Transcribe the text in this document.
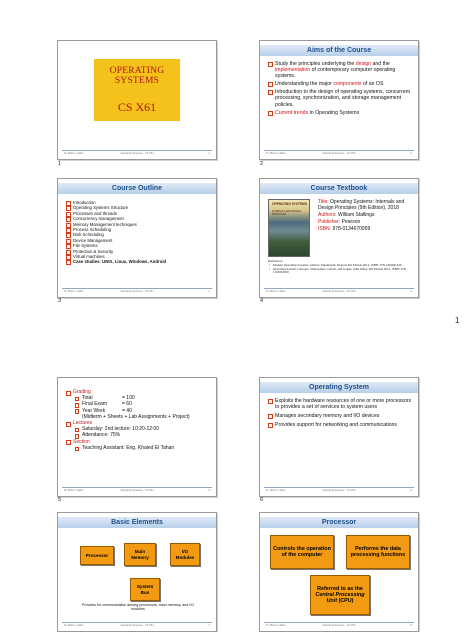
OPERATING SYSTEMS
CS X61
Dr. Mohm. Hafez	Operating Systems - CS X61	1
1
Aims of the Course
Study the principles underlying the design and the implementation of contemporary computer operating systems.
Understanding the major components of an OS
Introduction to the design of operating systems, concurrent processing, synchronization, and storage management policies.
Current trends in Operating Systems
Dr. Mohm. Hafez	Operating Systems - CS X61	2
2
Course Outline
Introduction
Operating Systems Structure
Processes and threads
Concurrency management
Memory Management techniques
Process Scheduling
Disk Scheduling
Device Management
File Systems
Protection & Security
Virtual machines
Case studies: UNIX, Linux, Windows, Android
Dr. Mohm. Hafez	Operating Systems - CS X61	3
3
Course Textbook
OPERATING SYSTEMS
INTERNALS AND DESIGN PRINCIPLES
Title: Operating Systems: Internals and Design Principles (9th Edition), 2018
Authors: William Stallings
Publisher: Pearson
ISBN: 978-0134670959
References:
• Modern Operating Systems, Andrew Tanenbaum, Pearson 4th Edition 2014, ISBN: 978-1292061429
• Operating System Concepts, Silberschatz, Galvin, and Gagne, John Wiley, 9th Edition 2012, ISBN: 978-1118063330
Dr. Mohm. Hafez	Operating Systems - CS X61	4
4
1
Grading
Total	= 100
Final Exam	= 60
Year Work	= 40
(Midterm + Sheets + Lab Assignments + Project)
Lectures
Saturday: 2nd lecture: 10:20-12:00
Attendance: 75%
Section
Teaching Assistant: Eng. Khaled El Tahan
Dr. Mohm. Hafez	Operating Systems - CS X61	5
5
Operating System
Exploits the hardware resources of one or more processors to provides a set of services to system users
Manages secondary memory and I/O devices
Provides support for networking and communications
Dr. Mohm. Hafez	Operating Systems - CS X61	6
6
Basic Elements
Processor
Main
Memory
I/O
Modules
System
Bus
Provides for communication among processors, main memory, and I/O modules
Dr. Mohm. Hafez	Operating Systems - CS X61	7
Processor
Controls the operation of the computer
Performs the data processing functions
Referred to as the Central Processing Unit (CPU)
Dr. Mohm. Hafez	Operating Systems - CS X61	8
